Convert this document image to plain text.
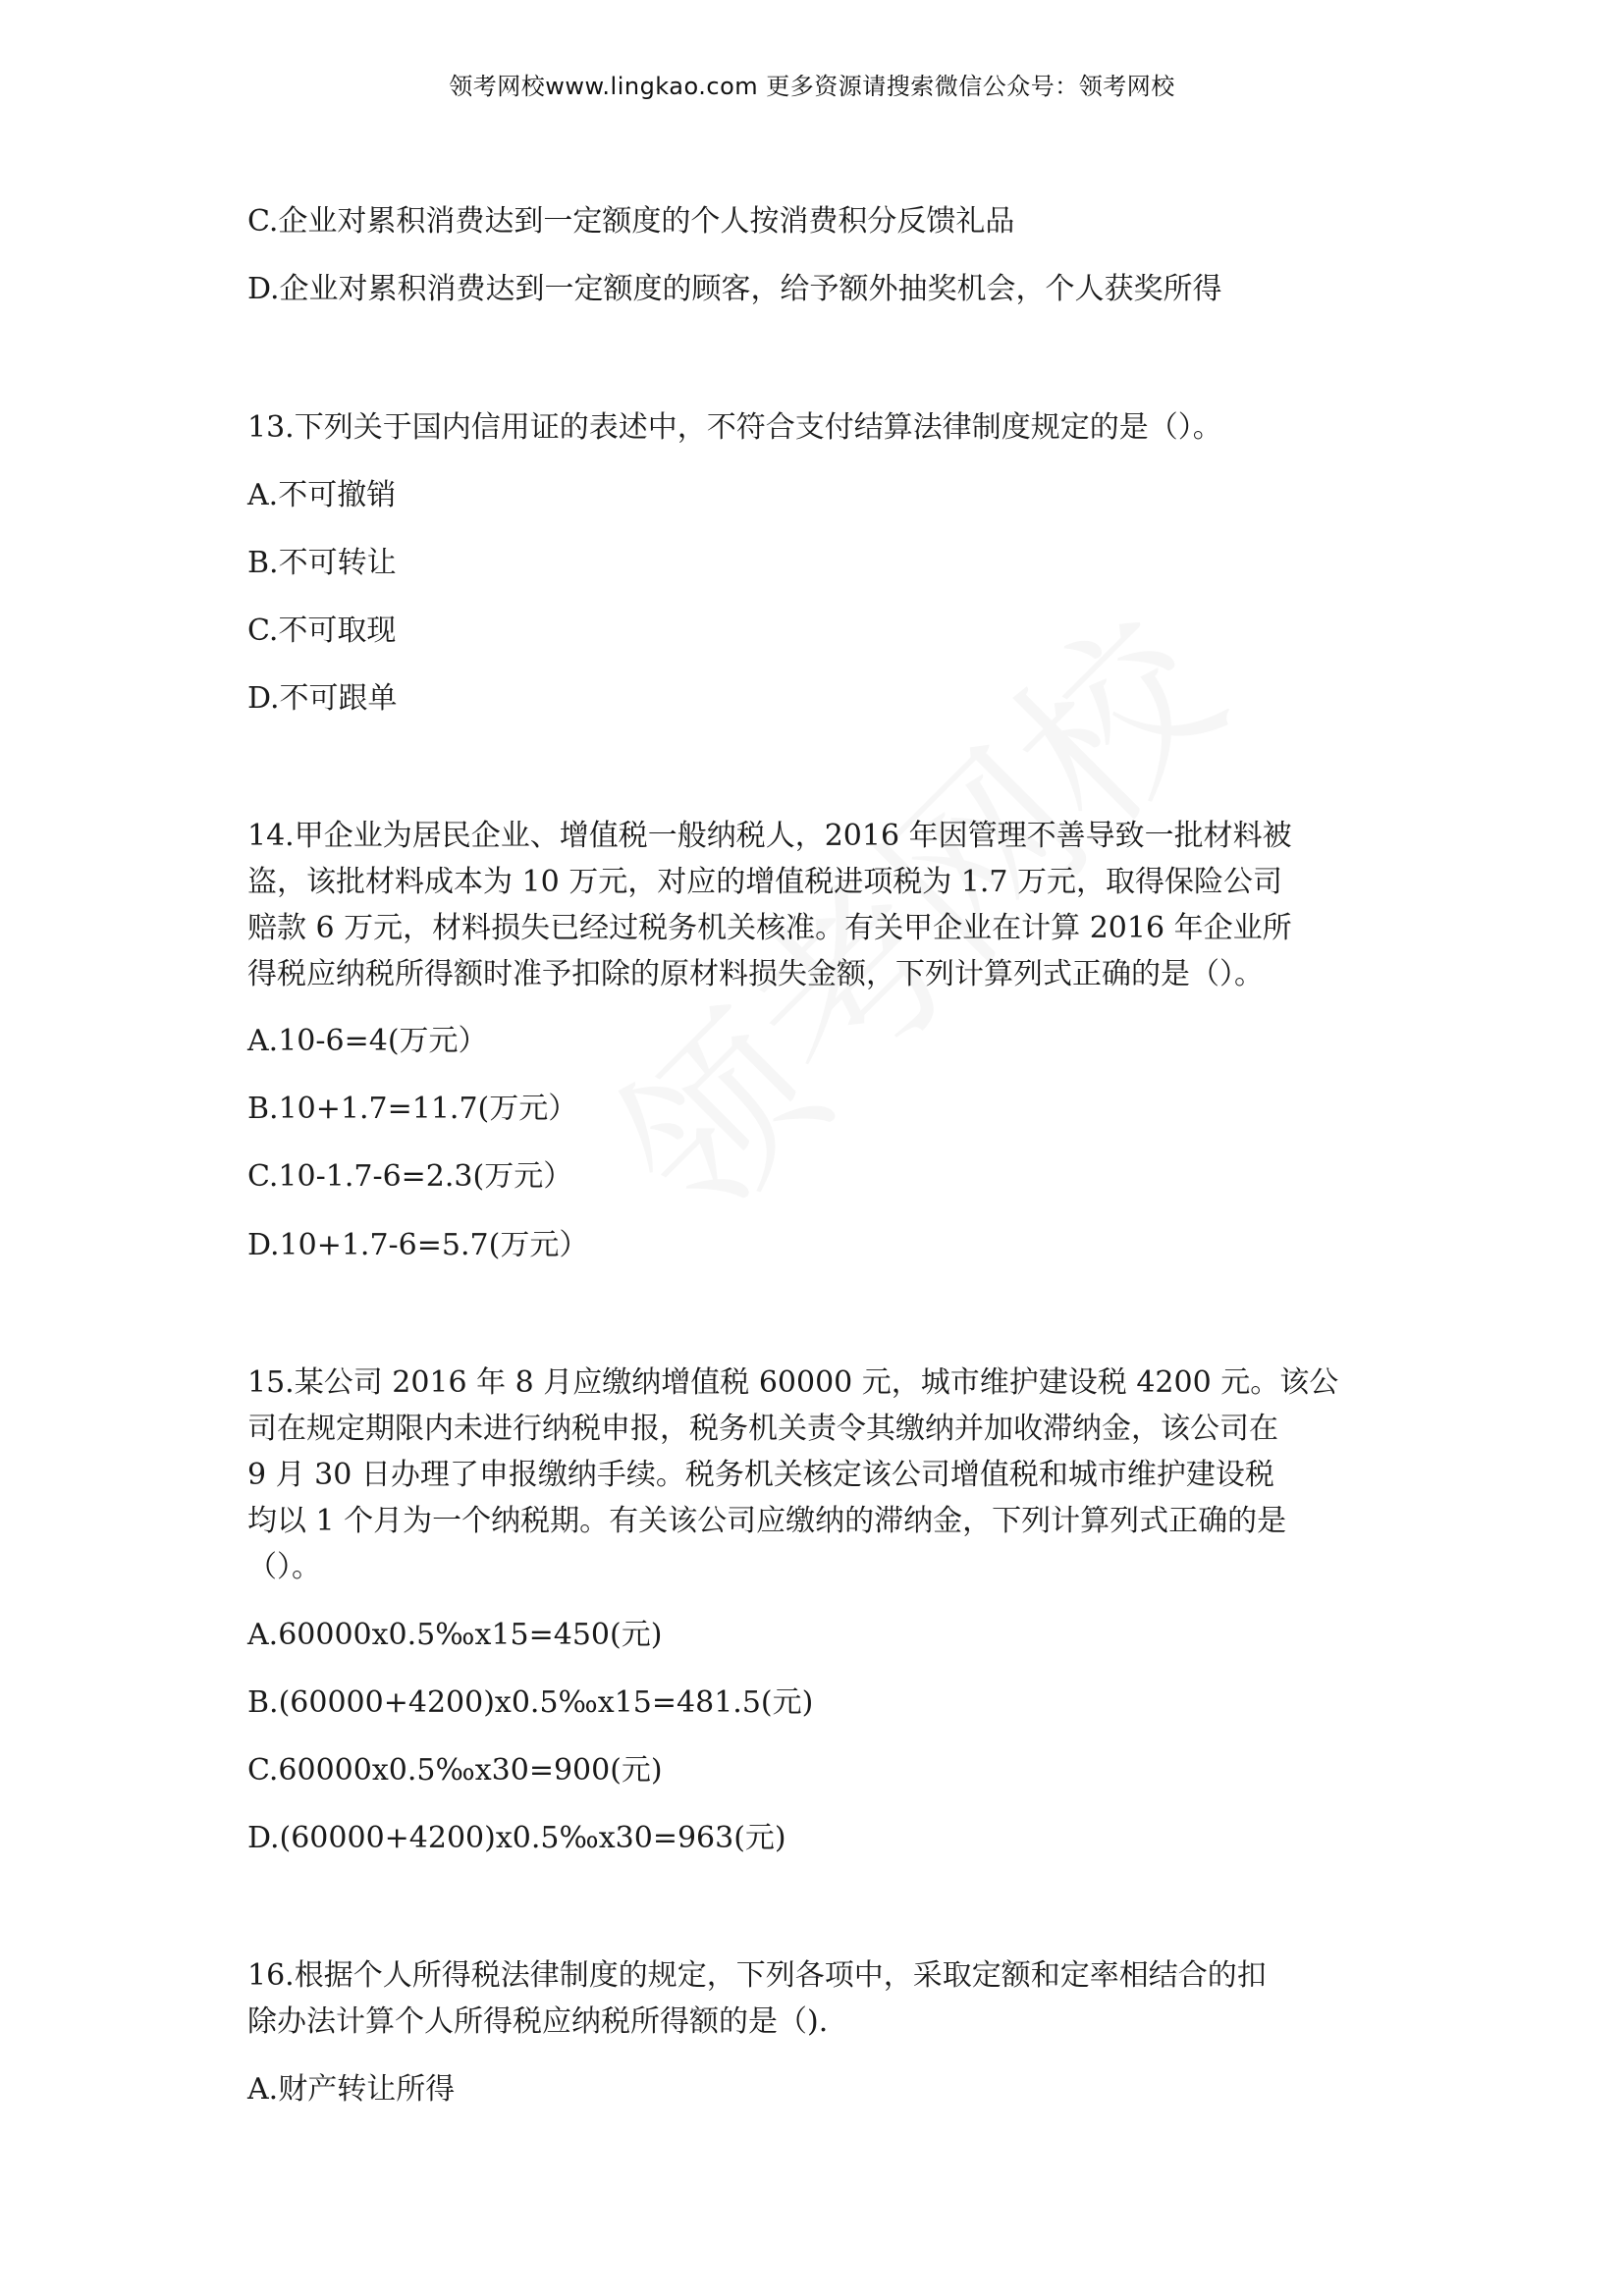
领考网校www.lingkao.com 更多资源请搜索微信公众号：领考网校
C.企业对累积消费达到一定额度的个人按消费积分反馈礼品
D.企业对累积消费达到一定额度的顾客，给予额外抽奖机会，个人获奖所得
13.下列关于国内信用证的表述中，不符合支付结算法律制度规定的是（）。
A.不可撤销
B.不可转让
C.不可取现
D.不可跟单
14.甲企业为居民企业、增值税一般纳税人，2016 年因管理不善导致一批材料被
盗，该批材料成本为 10 万元，对应的增值税进项税为 1.7 万元，取得保险公司
赔款 6 万元，材料损失已经过税务机关核准。有关甲企业在计算 2016 年企业所
得税应纳税所得额时准予扣除的原材料损失金额，下列计算列式正确的是（）。
A.10-6=4(万元）
B.10+1.7=11.7(万元）
C.10-1.7-6=2.3(万元）
D.10+1.7-6=5.7(万元）
15.某公司 2016 年 8 月应缴纳增值税 60000 元，城市维护建设税 4200 元。该公
司在规定期限内未进行纳税申报，税务机关责令其缴纳并加收滞纳金，该公司在
9 月 30 日办理了申报缴纳手续。税务机关核定该公司增值税和城市维护建设税
均以 1 个月为一个纳税期。有关该公司应缴纳的滞纳金，下列计算列式正确的是
（）。
A.60000x0.5‰x15=450(元)
B.(60000+4200)x0.5‰x15=481.5(元)
C.60000x0.5‰x30=900(元)
D.(60000+4200)x0.5‰x30=963(元)
16.根据个人所得税法律制度的规定，下列各项中，采取定额和定率相结合的扣
除办法计算个人所得税应纳税所得额的是（).
A.财产转让所得
